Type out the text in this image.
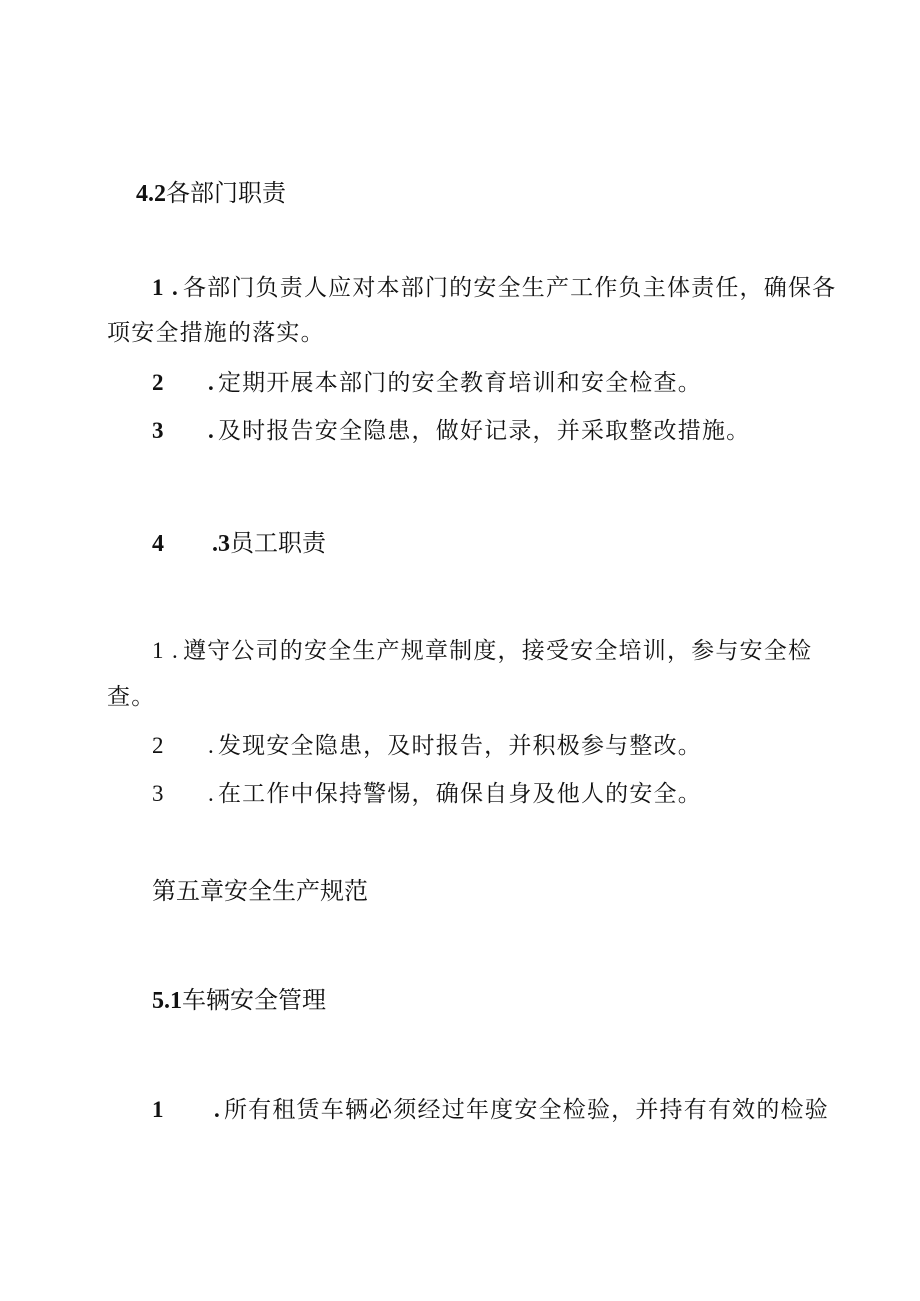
4.2各部门职责
1 . 各部门负责人应对本部门的安全生产工作负主体责任，确保各
项安全措施的落实。
2 . 定期开展本部门的安全教育培训和安全检查。
3 . 及时报告安全隐患，做好记录，并采取整改措施。
4 .3员工职责
1 . 遵守公司的安全生产规章制度，接受安全培训，参与安全检
查。
2 . 发现安全隐患，及时报告，并积极参与整改。
3 . 在工作中保持警惕，确保自身及他人的安全。
第五章安全生产规范
5.1车辆安全管理
1 . 所有租赁车辆必须经过年度安全检验，并持有有效的检验
